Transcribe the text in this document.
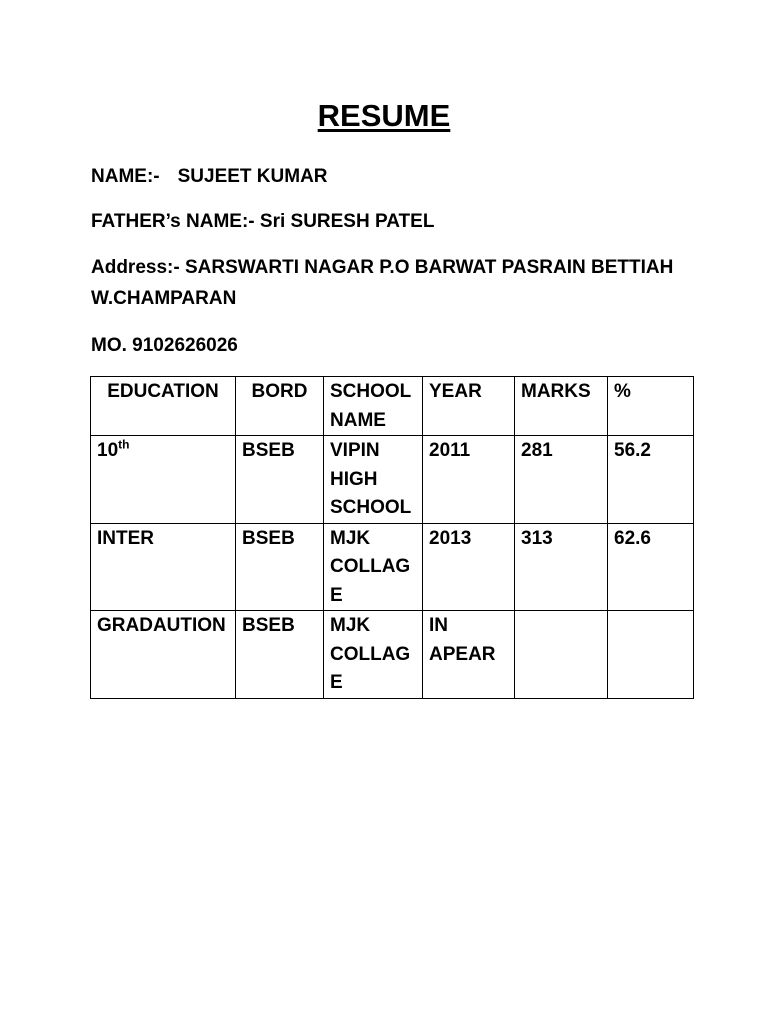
RESUME
NAME:- SUJEET KUMAR
FATHER’s NAME:- Sri SURESH PATEL
Address:- SARSWARTI NAGAR P.O BARWAT PASRAIN BETTIAH
W.CHAMPARAN
MO. 9102626026
EDUCATION	BORD	SCHOOL NAME	YEAR	MARKS	%
10th	BSEB	VIPIN HIGH SCHOOL	2011	281	56.2
INTER	BSEB	MJK COLLAGE	2013	313	62.6
GRADAUTION	BSEB	MJK COLLAGE	IN APEAR		
